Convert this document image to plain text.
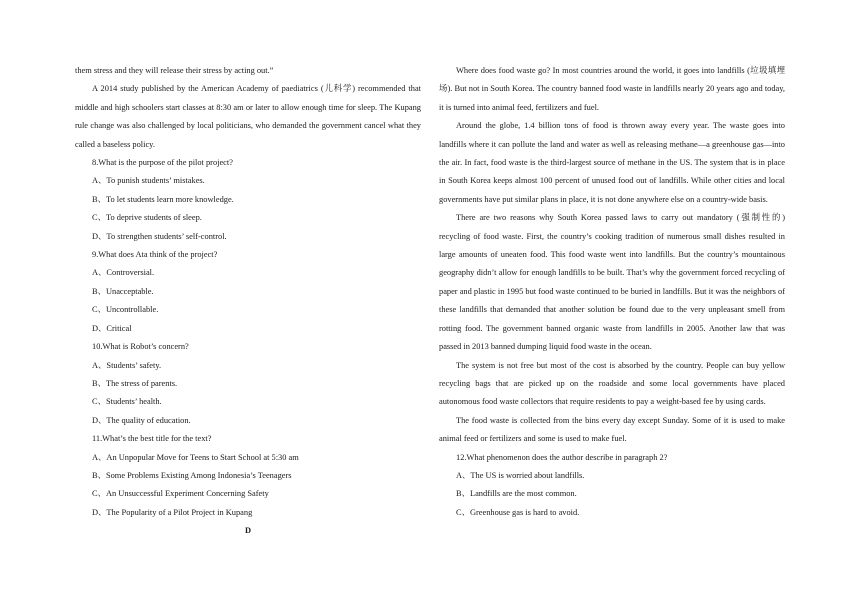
them stress and they will release their stress by acting out.”

A 2014 study published by the American Academy of paediatrics (儿科学) recommended that middle and high schoolers start classes at 8:30 am or later to allow enough time for sleep. The Kupang rule change was also challenged by local politicians, who demanded the government cancel what they called a baseless policy.

8.What is the purpose of the pilot project?

A、To punish students’ mistakes.

B、To let students learn more knowledge.

C、To deprive students of sleep.

D、To strengthen students’ self-control.

9.What does Ata think of the project?

A、Controversial.

B、Unacceptable.

C、Uncontrollable.

D、Critical

10.What is Robot’s concern?

A、Students’ safety.

B、The stress of parents.

C、Students’ health.

D、The quality of education.

11.What’s the best title for the text?

A、An Unpopular Move for Teens to Start School at 5:30 am

B、Some Problems Existing Among Indonesia’s Teenagers

C、An Unsuccessful Experiment Concerning Safety

D、The Popularity of a Pilot Project in Kupang

D

Where does food waste go? In most countries around the world, it goes into landfills (垃圾填埋场). But not in South Korea. The country banned food waste in landfills nearly 20 years ago and today, it is turned into animal feed, fertilizers and fuel.

Around the globe, 1.4 billion tons of food is thrown away every year. The waste goes into landfills where it can pollute the land and water as well as releasing methane—a greenhouse gas—into the air. In fact, food waste is the third-largest source of methane in the US. The system that is in place in South Korea keeps almost 100 percent of unused food out of landfills. While other cities and local governments have put similar plans in place, it is not done anywhere else on a country-wide basis.

There are two reasons why South Korea passed laws to carry out mandatory (强制性的) recycling of food waste. First, the country’s cooking tradition of numerous small dishes resulted in large amounts of uneaten food. This food waste went into landfills. But the country’s mountainous geography didn’t allow for enough landfills to be built. That’s why the government forced recycling of paper and plastic in 1995 but food waste continued to be buried in landfills. But it was the neighbors of these landfills that demanded that another solution be found due to the very unpleasant smell from rotting food. The government banned organic waste from landfills in 2005. Another law that was passed in 2013 banned dumping liquid food waste in the ocean.

The system is not free but most of the cost is absorbed by the country. People can buy yellow recycling bags that are picked up on the roadside and some local governments have placed autonomous food waste collectors that require residents to pay a weight-based fee by using cards.

The food waste is collected from the bins every day except Sunday. Some of it is used to make animal feed or fertilizers and some is used to make fuel.

12.What phenomenon does the author describe in paragraph 2?

A、The US is worried about landfills.

B、Landfills are the most common.

C、Greenhouse gas is hard to avoid.
